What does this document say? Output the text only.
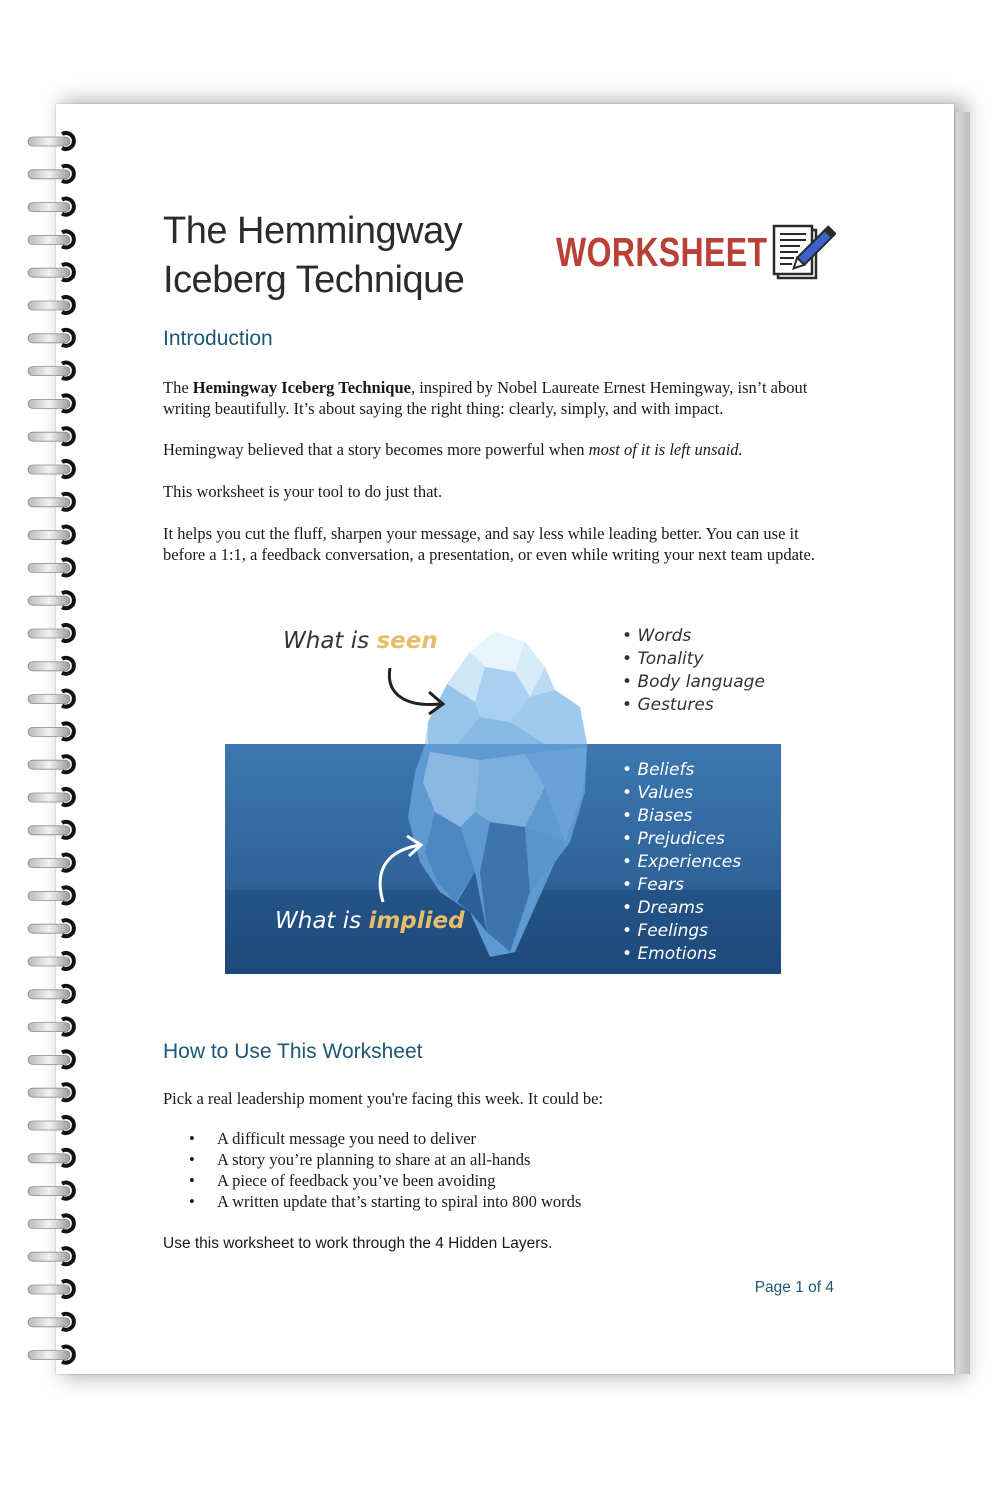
The Hemmingway
Iceberg Technique
WORKSHEET
Introduction

The Hemingway Iceberg Technique, inspired by Nobel Laureate Ernest Hemingway, isn’t about writing beautifully. It’s about saying the right thing: clearly, simply, and with impact.

Hemingway believed that a story becomes more powerful when most of it is left unsaid.

This worksheet is your tool to do just that.

It helps you cut the fluff, sharpen your message, and say less while leading better. You can use it before a 1:1, a feedback conversation, a presentation, or even while writing your next team update.

What is seen
What is implied
• Words
• Tonality
• Body language
• Gestures
• Beliefs
• Values
• Biases
• Prejudices
• Experiences
• Fears
• Dreams
• Feelings
• Emotions
How to Use This Worksheet

Pick a real leadership moment you're facing this week. It could be:

• A difficult message you need to deliver
• A story you’re planning to share at an all-hands
• A piece of feedback you’ve been avoiding
• A written update that’s starting to spiral into 800 words

Use this worksheet to work through the 4 Hidden Layers.

Page 1 of 4
